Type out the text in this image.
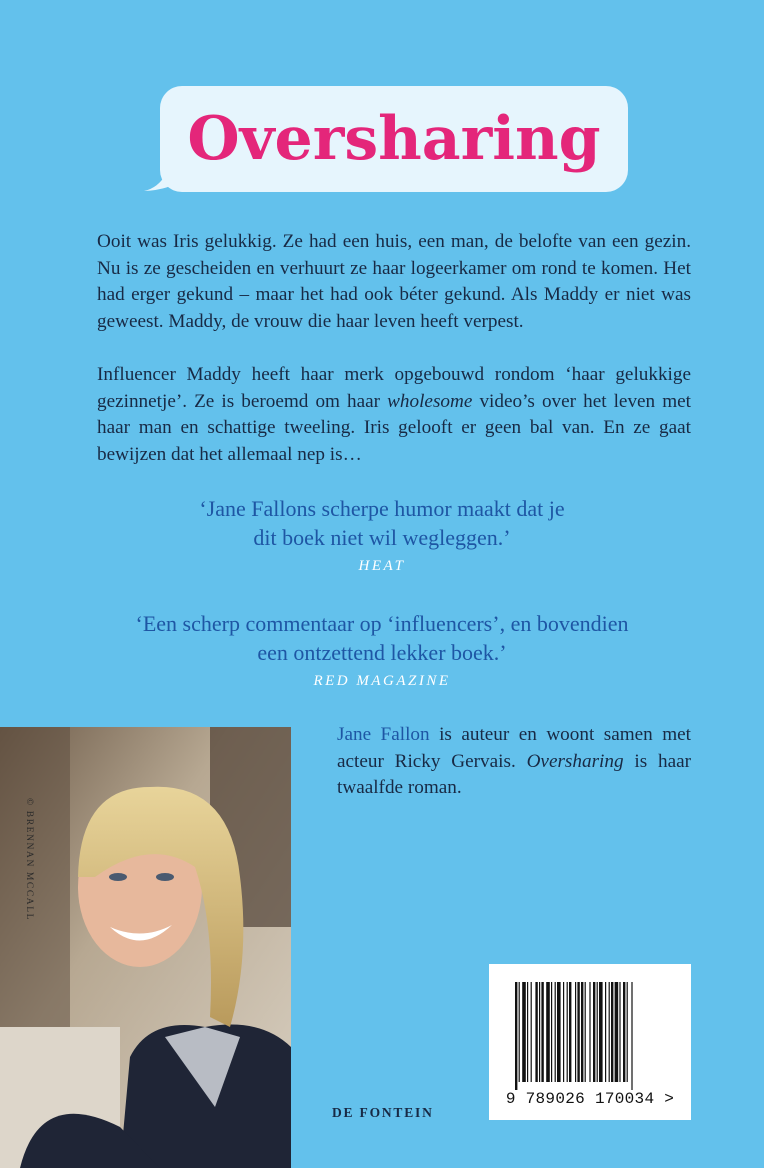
Oversharing

Ooit was Iris gelukkig. Ze had een huis, een man, de belofte van een gezin. Nu is ze gescheiden en verhuurt ze haar logeerkamer om rond te komen. Het had erger gekund – maar het had ook béter gekund. Als Maddy er niet was geweest. Maddy, de vrouw die haar leven heeft verpest.

Influencer Maddy heeft haar merk opgebouwd rondom ‘haar gelukkige gezinnetje’. Ze is beroemd om haar wholesome video’s over het leven met haar man en schattige tweeling. Iris gelooft er geen bal van. En ze gaat bewijzen dat het allemaal nep is…

‘Jane Fallons scherpe humor maakt dat je
dit boek niet wil wegleggen.’
HEAT
‘Een scherp commentaar op ‘influencers’, en bovendien
een ontzettend lekker boek.’
RED MAGAZINE
© BRENNAN MCCALL

Jane Fallon is auteur en woont samen met acteur Ricky Gervais. Oversharing is haar twaalfde roman.

DE FONTEIN
9 789026 170034 >
